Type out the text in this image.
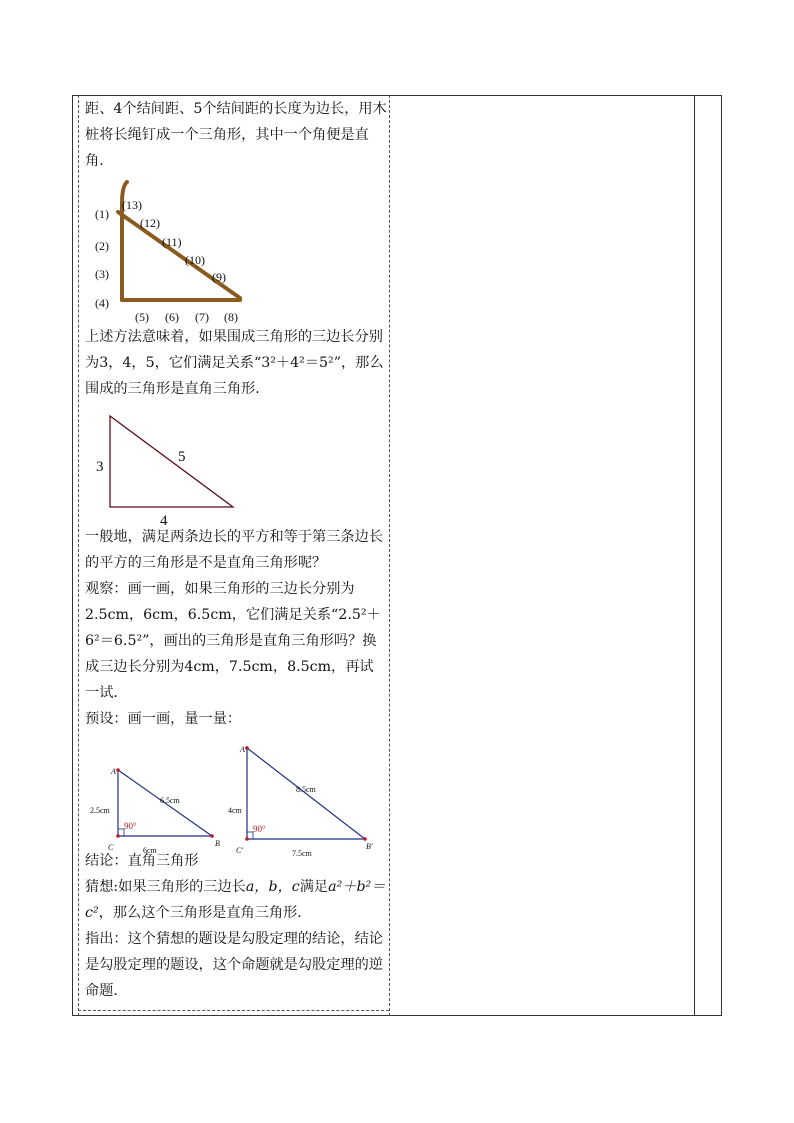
距、4个结间距、5个结间距的长度为边长，用木桩将长绳钉成一个三角形，其中一个角便是直角．

(1)
(2)
(3)
(4)
(5) (6) (7) (8)
(9)
(10)
(11)
(12)
(13)

上述方法意味着，如果围成三角形的三边长分别为3，4，5，它们满足关系“3²＋4²＝5²”，那么围成的三角形是直角三角形．

3
4
5

一般地，满足两条边长的平方和等于第三条边长的平方的三角形是不是直角三角形呢？

观察：画一画，如果三角形的三边长分别为2.5cm，6cm，6.5cm，它们满足关系“2.5²＋6²＝6.5²”，画出的三角形是直角三角形吗？换成三边长分别为4cm，7.5cm，8.5cm，再试一试．

预设：画一画，量一量：

A
C	B
2.5cm
6cm
6.5cm
90°
A′
C′	B′
4cm
7.5cm
8.5cm
90°

结论：直角三角形

猜想:如果三角形的三边长a，b，c满足a²＋b²＝c²，那么这个三角形是直角三角形．

指出：这个猜想的题设是勾股定理的结论，结论是勾股定理的题设，这个命题就是勾股定理的逆命题．
